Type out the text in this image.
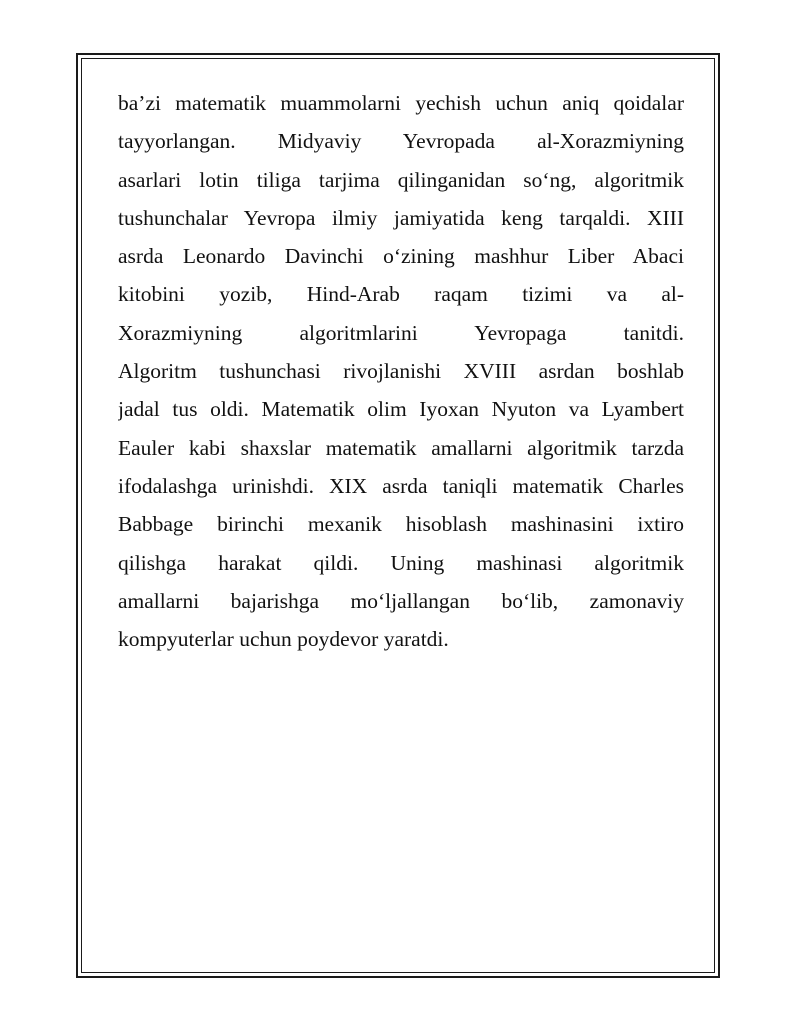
ba’zi matematik muammolarni yechish uchun aniq qoidalar
tayyorlangan. Midyaviy Yevropada al-Xorazmiyning
asarlari lotin tiliga tarjima qilinganidan so‘ng, algoritmik
tushunchalar Yevropa ilmiy jamiyatida keng tarqaldi. XIII
asrda Leonardo Davinchi o‘zining mashhur Liber Abaci
kitobini yozib, Hind-Arab raqam tizimi va al-
Xorazmiyning algoritmlarini Yevropaga tanitdi.
Algoritm tushunchasi rivojlanishi XVIII asrdan boshlab
jadal tus oldi. Matematik olim Iyoxan Nyuton va Lyambert
Eauler kabi shaxslar matematik amallarni algoritmik tarzda
ifodalashga urinishdi. XIX asrda taniqli matematik Charles
Babbage birinchi mexanik hisoblash mashinasini ixtiro
qilishga harakat qildi. Uning mashinasi algoritmik
amallarni bajarishga mo‘ljallangan bo‘lib, zamonaviy
kompyuterlar uchun poydevor yaratdi.
